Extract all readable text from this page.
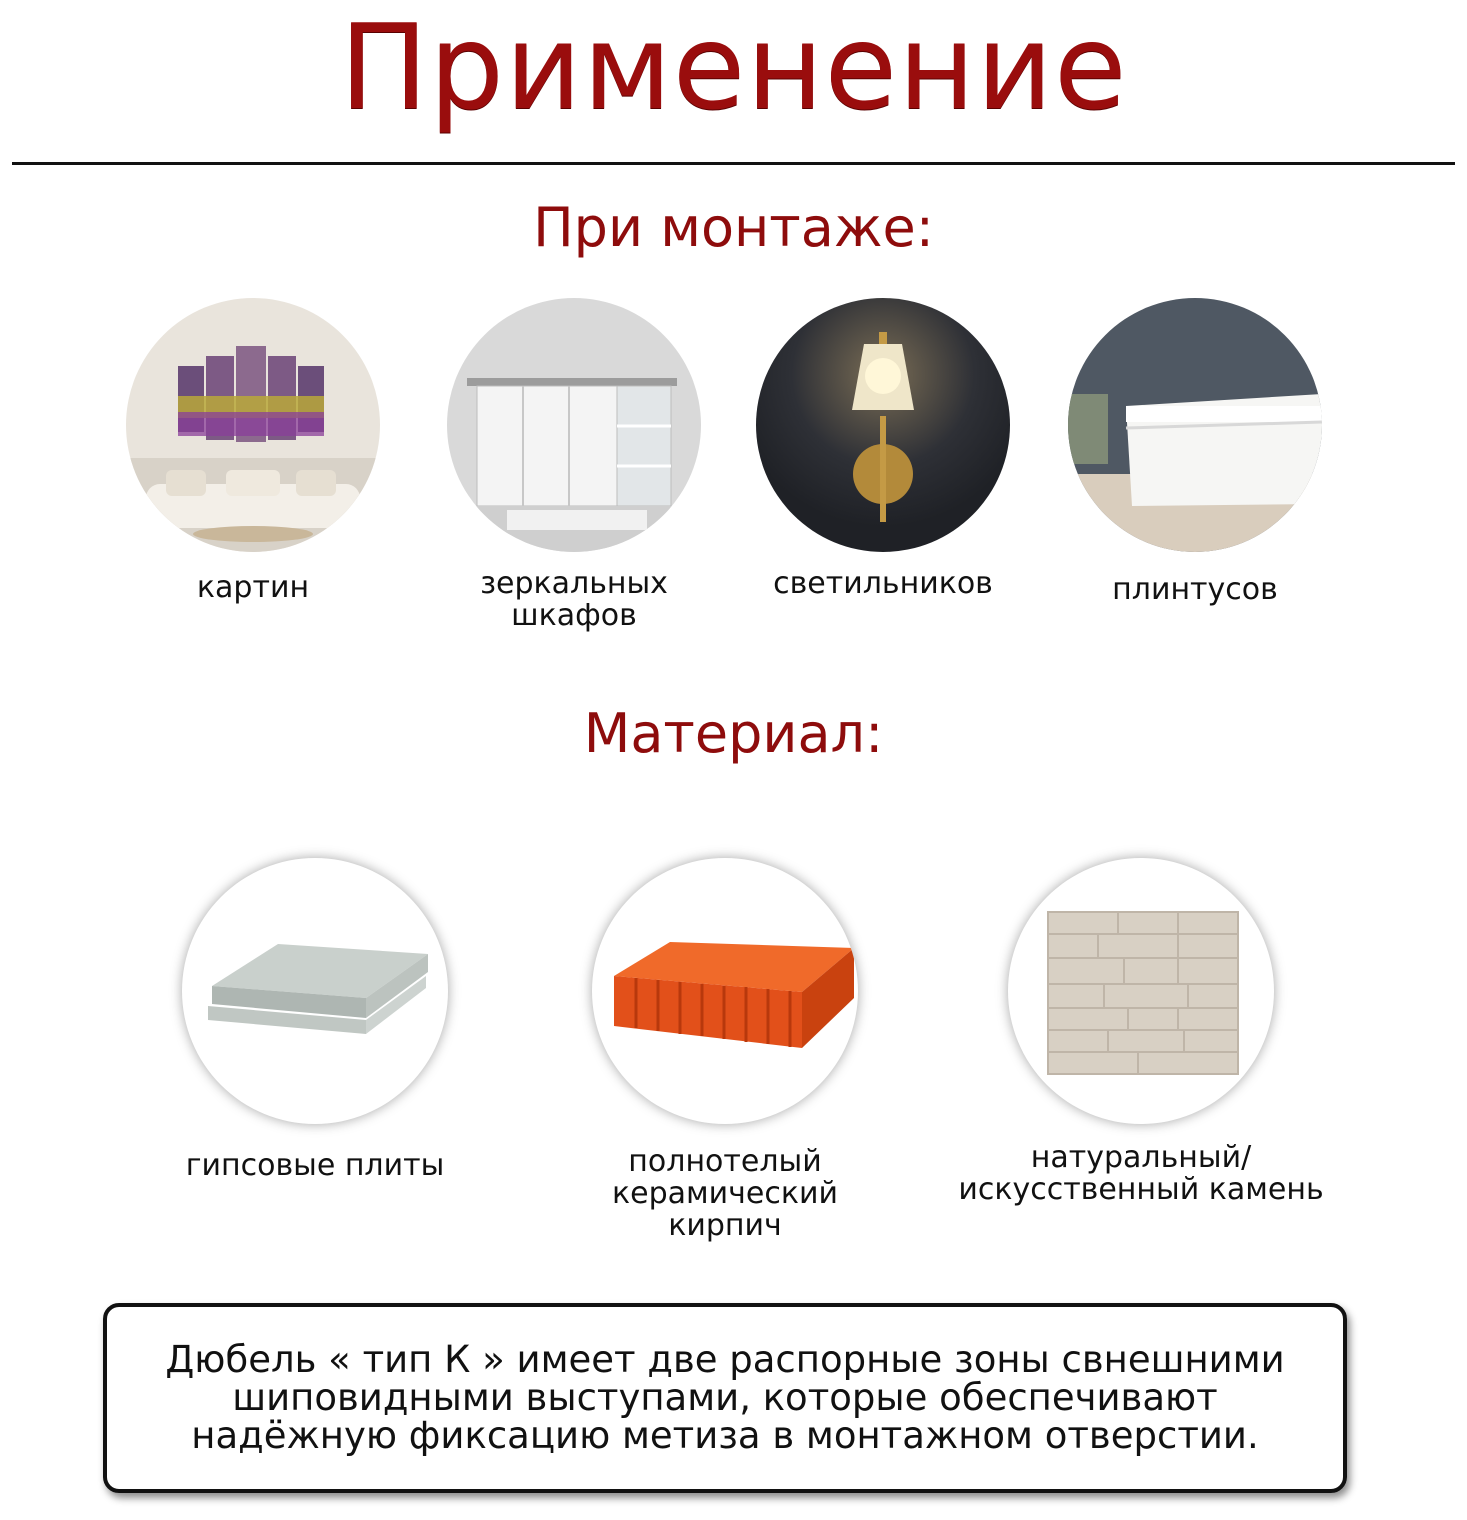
Применение
При монтаже:
картин	зеркальных
шкафов
светильников	плинтусов
Материал:
гипсовые плиты	полнотелый
керамический
кирпич
натуральный/
искусственный камень
Дюбель « тип К » имеет две распорные зоны свнешними
шиповидными выступами, которые обеспечивают
надёжную фиксацию метиза в монтажном отверстии.
